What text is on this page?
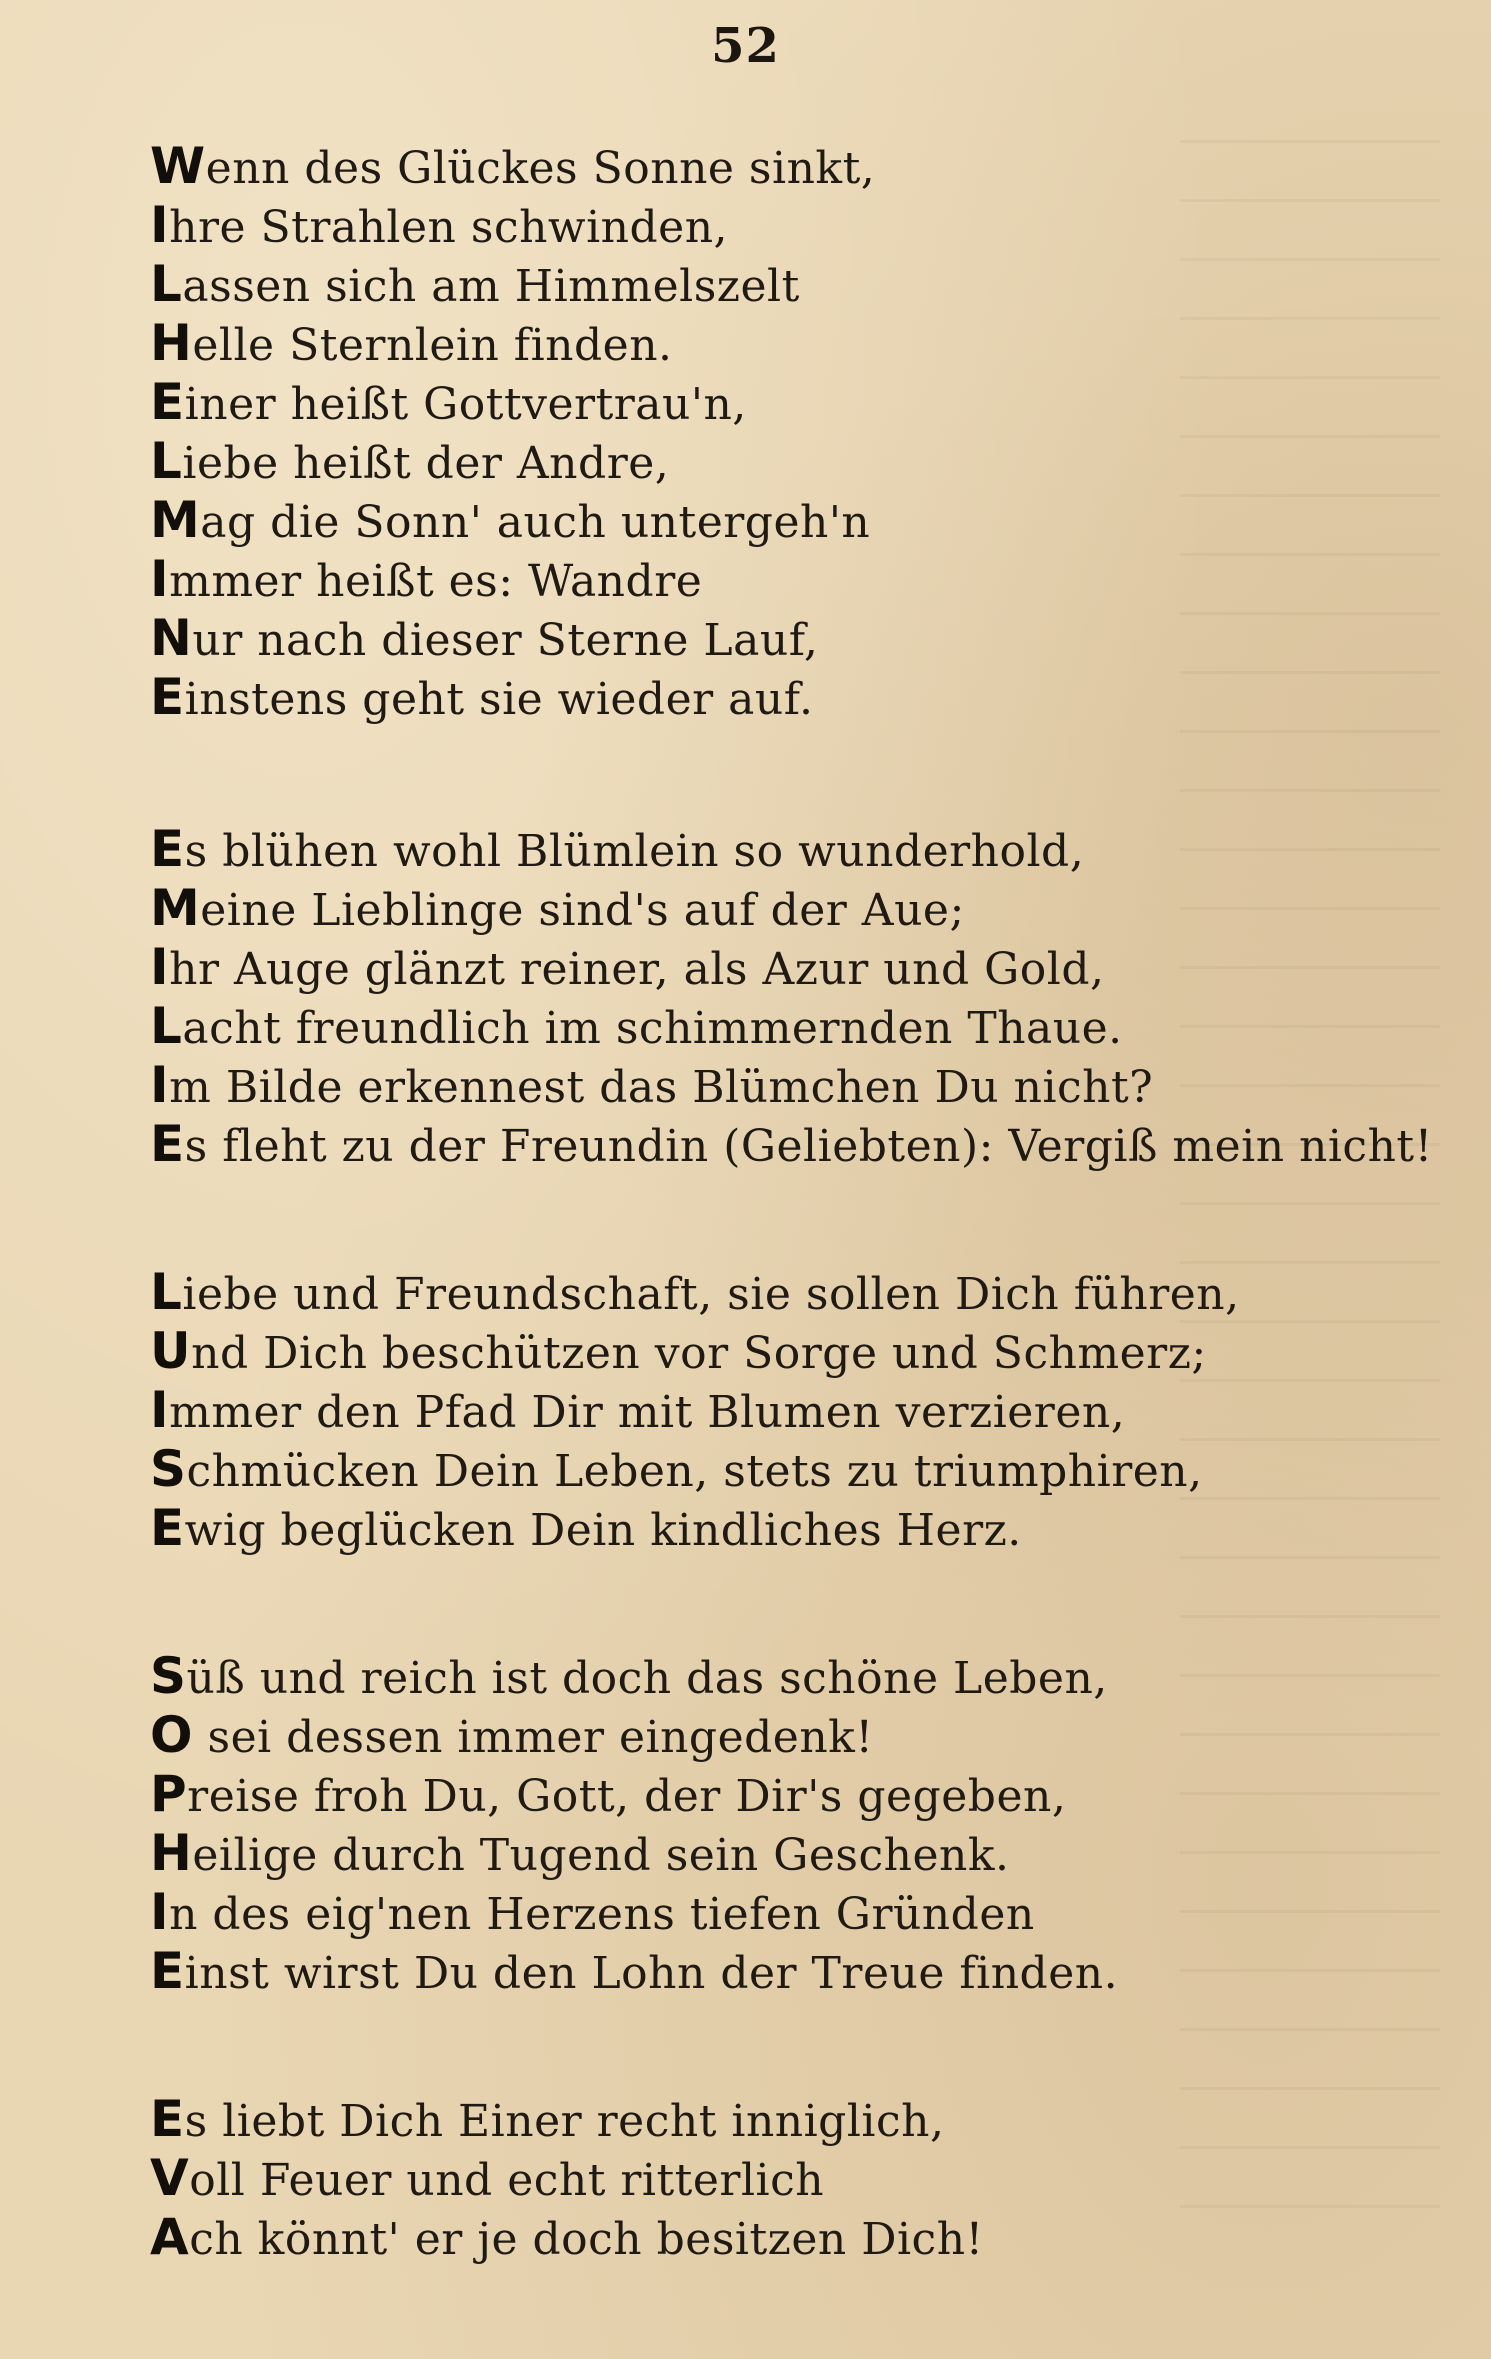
52
Wenn des Glückes Sonne sinkt,
Ihre Strahlen schwinden,
Lassen sich am Himmelszelt
Helle Sternlein finden.
Einer heißt Gottvertrau'n,
Liebe heißt der Andre,
Mag die Sonn' auch untergeh'n
Immer heißt es: Wandre
Nur nach dieser Sterne Lauf,
Einstens geht sie wieder auf.
Es blühen wohl Blümlein so wunderhold,
Meine Lieblinge sind's auf der Aue;
Ihr Auge glänzt reiner, als Azur und Gold,
Lacht freundlich im schimmernden Thaue.
Im Bilde erkennest das Blümchen Du nicht?
Es fleht zu der Freundin (Geliebten): Vergiß mein nicht!
Liebe und Freundschaft, sie sollen Dich führen,
Und Dich beschützen vor Sorge und Schmerz;
Immer den Pfad Dir mit Blumen verzieren,
Schmücken Dein Leben, stets zu triumphiren,
Ewig beglücken Dein kindliches Herz.
Süß und reich ist doch das schöne Leben,
O sei dessen immer eingedenk!
Preise froh Du, Gott, der Dir's gegeben,
Heilige durch Tugend sein Geschenk.
In des eig'nen Herzens tiefen Gründen
Einst wirst Du den Lohn der Treue finden.
Es liebt Dich Einer recht inniglich,
Voll Feuer und echt ritterlich
Ach könnt' er je doch besitzen Dich!
